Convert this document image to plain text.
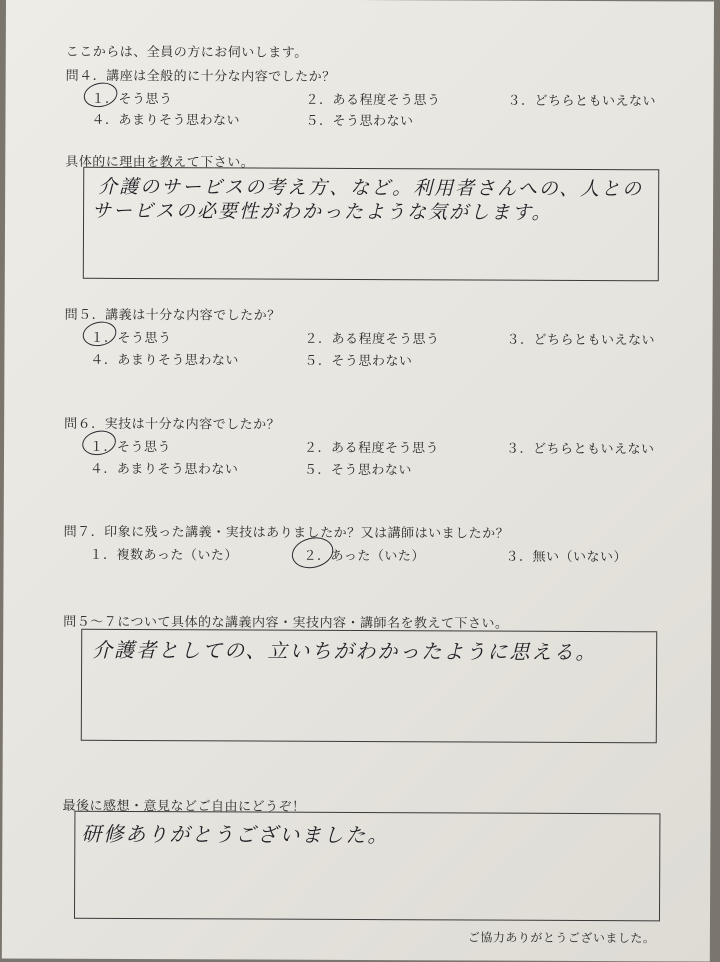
ここからは、全員の方にお伺いします。
問４．講座は全般的に十分な内容でしたか？
１．そう思う	２．ある程度そう思う	３．どちらともいえない
４．あまりそう思わない	５．そう思わない
具体的に理由を教えて下さい。
介護のサービスの考え方、など。利用者さんへの、人との
サービスの必要性がわかったような気がします。
問５．講義は十分な内容でしたか？
１．そう思う	２．ある程度そう思う	３．どちらともいえない
４．あまりそう思わない	５．そう思わない
問６．実技は十分な内容でしたか？
１．そう思う	２．ある程度そう思う	３．どちらともいえない
４．あまりそう思わない	５．そう思わない
問７．印象に残った講義・実技はありましたか？又は講師はいましたか？
１．複数あった（いた）	２．あった（いた）	３．無い（いない）
問５～７について具体的な講義内容・実技内容・講師名を教えて下さい。
介護者としての、立いちがわかったように思える。
最後に感想・意見などご自由にどうぞ！
研修ありがとうございました。
ご協力ありがとうございました。
